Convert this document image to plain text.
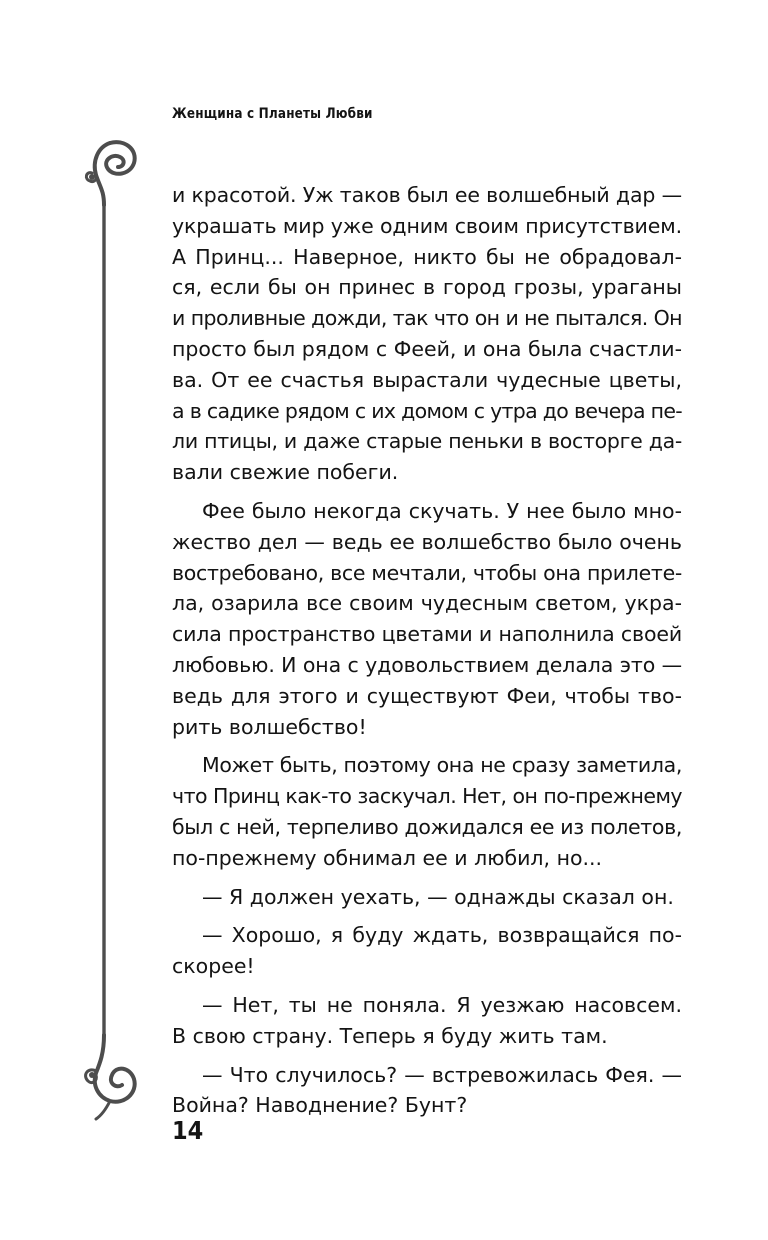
Женщина с Планеты Любви
и красотой. Уж таков был ее волшебный дар —
украшать мир уже одним своим присутствием.
А Принц... Наверное, никто бы не обрадовал-
ся, если бы он принес в город грозы, ураганы
и проливные дожди, так что он и не пытался. Он
просто был рядом с Феей, и она была счастли-
ва. От ее счастья вырастали чудесные цветы,
а в садике рядом с их домом с утра до вечера пе-
ли птицы, и даже старые пеньки в восторге да-
вали свежие побеги.
Фее было некогда скучать. У нее было мно-
жество дел — ведь ее волшебство было очень
востребовано, все мечтали, чтобы она прилете-
ла, озарила все своим чудесным светом, укра-
сила пространство цветами и наполнила своей
любовью. И она с удовольствием делала это —
ведь для этого и существуют Феи, чтобы тво-
рить волшебство!
Может быть, поэтому она не сразу заметила,
что Принц как-то заскучал. Нет, он по-прежнему
был с ней, терпеливо дожидался ее из полетов,
по-прежнему обнимал ее и любил, но...
— Я должен уехать, — однажды сказал он.
— Хорошо, я буду ждать, возвращайся по-
скорее!
— Нет, ты не поняла. Я уезжаю насовсем.
В свою страну. Теперь я буду жить там.
— Что случилось? — встревожилась Фея. —
Война? Наводнение? Бунт?
14
